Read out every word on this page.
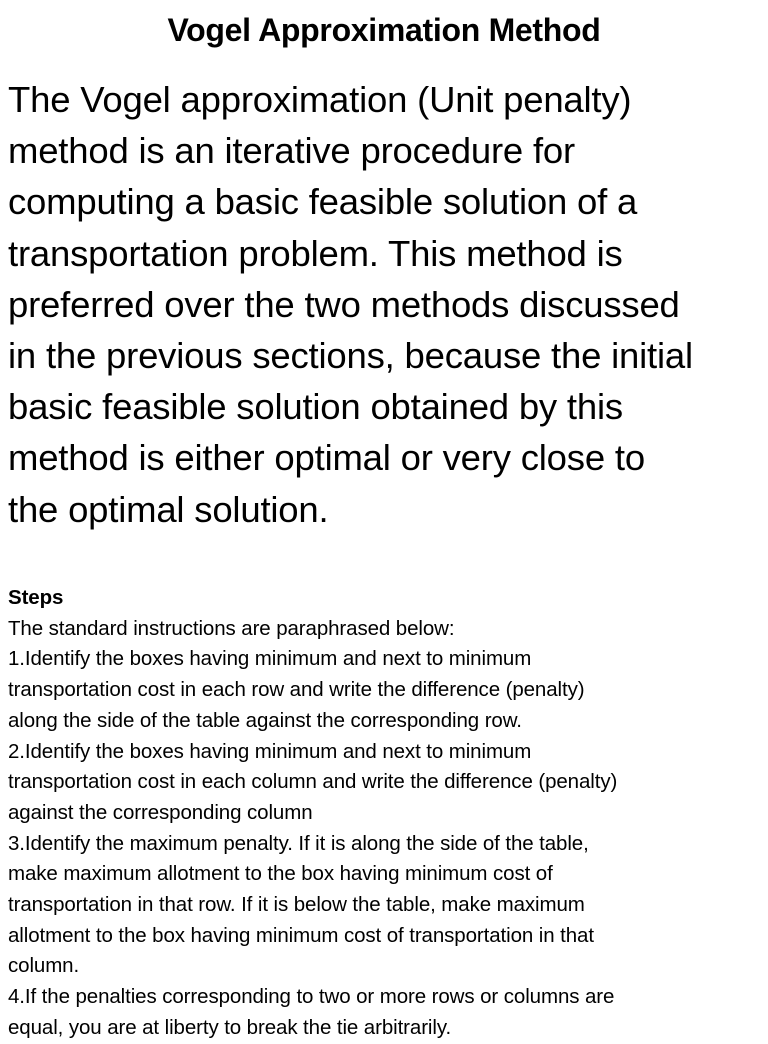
Vogel Approximation Method
The Vogel approximation (Unit penalty)
method is an iterative procedure for
computing a basic feasible solution of a
transportation problem. This method is
preferred over the two methods discussed
in the previous sections, because the initial
basic feasible solution obtained by this
method is either optimal or very close to
the optimal solution.
Steps
The standard instructions are paraphrased below:
1.Identify the boxes having minimum and next to minimum
transportation cost in each row and write the difference (penalty)
along the side of the table against the corresponding row.
2.Identify the boxes having minimum and next to minimum
transportation cost in each column and write the difference (penalty)
against the corresponding column
3.Identify the maximum penalty. If it is along the side of the table,
make maximum allotment to the box having minimum cost of
transportation in that row. If it is below the table, make maximum
allotment to the box having minimum cost of transportation in that
column.
4.If the penalties corresponding to two or more rows or columns are
equal, you are at liberty to break the tie arbitrarily.
